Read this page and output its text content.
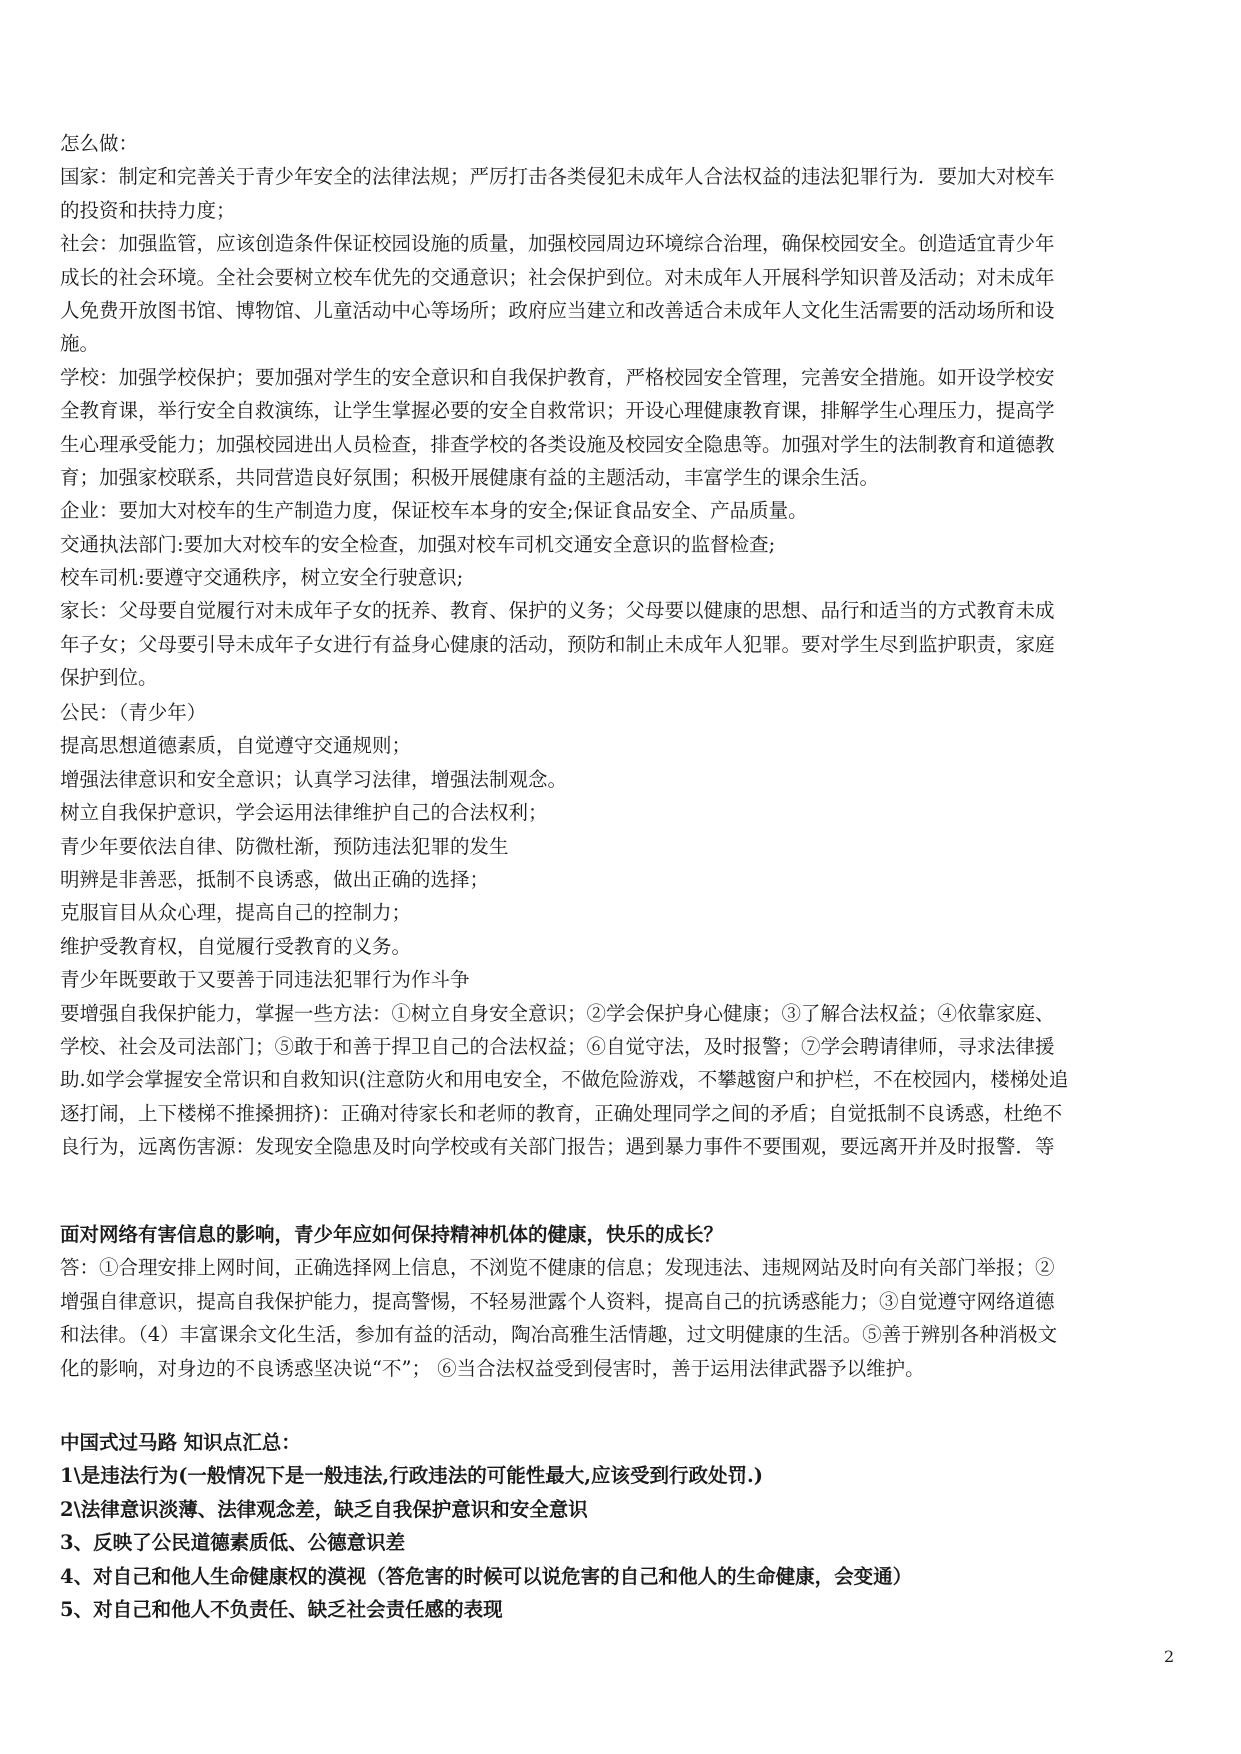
怎么做：
国家：制定和完善关于青少年安全的法律法规；严厉打击各类侵犯未成年人合法权益的违法犯罪行为．要加大对校车
的投资和扶持力度；
社会：加强监管，应该创造条件保证校园设施的质量，加强校园周边环境综合治理，确保校园安全。创造适宜青少年
成长的社会环境。全社会要树立校车优先的交通意识；社会保护到位。对未成年人开展科学知识普及活动；对未成年
人免费开放图书馆、博物馆、儿童活动中心等场所；政府应当建立和改善适合未成年人文化生活需要的活动场所和设
施。
学校：加强学校保护；要加强对学生的安全意识和自我保护教育，严格校园安全管理，完善安全措施。如开设学校安
全教育课，举行安全自救演练，让学生掌握必要的安全自救常识；开设心理健康教育课，排解学生心理压力，提高学
生心理承受能力；加强校园进出人员检查，排查学校的各类设施及校园安全隐患等。加强对学生的法制教育和道德教
育；加强家校联系，共同营造良好氛围；积极开展健康有益的主题活动，丰富学生的课余生活。
企业：要加大对校车的生产制造力度，保证校车本身的安全;保证食品安全、产品质量。
交通执法部门:要加大对校车的安全检查，加强对校车司机交通安全意识的监督检查;
校车司机:要遵守交通秩序，树立安全行驶意识;
家长：父母要自觉履行对未成年子女的抚养、教育、保护的义务；父母要以健康的思想、品行和适当的方式教育未成
年子女；父母要引导未成年子女进行有益身心健康的活动，预防和制止未成年人犯罪。要对学生尽到监护职责，家庭
保护到位。
公民：（青少年）
提高思想道德素质，自觉遵守交通规则；
增强法律意识和安全意识；认真学习法律，增强法制观念。
树立自我保护意识，学会运用法律维护自己的合法权利；
青少年要依法自律、防微杜渐，预防违法犯罪的发生
明辨是非善恶，抵制不良诱惑，做出正确的选择；
克服盲目从众心理，提高自己的控制力；
维护受教育权，自觉履行受教育的义务。
青少年既要敢于又要善于同违法犯罪行为作斗争
要增强自我保护能力，掌握一些方法：①树立自身安全意识；②学会保护身心健康；③了解合法权益；④依靠家庭、
学校、社会及司法部门；⑤敢于和善于捍卫自己的合法权益；⑥自觉守法，及时报警；⑦学会聘请律师，寻求法律援
助.如学会掌握安全常识和自救知识(注意防火和用电安全，不做危险游戏，不攀越窗户和护栏，不在校园内，楼梯处追
逐打闹，上下楼梯不推搡拥挤)：正确对待家长和老师的教育，正确处理同学之间的矛盾；自觉抵制不良诱惑，杜绝不
良行为，远离伤害源：发现安全隐患及时向学校或有关部门报告；遇到暴力事件不要围观，要远离开并及时报警．等
面对网络有害信息的影响，青少年应如何保持精神机体的健康，快乐的成长？
答：①合理安排上网时间，正确选择网上信息，不浏览不健康的信息；发现违法、违规网站及时向有关部门举报；②
增强自律意识，提高自我保护能力，提高警惕，不轻易泄露个人资料，提高自己的抗诱惑能力；③自觉遵守网络道德
和法律。（4）丰富课余文化生活，参加有益的活动，陶冶高雅生活情趣，过文明健康的生活。⑤善于辨别各种消极文
化的影响，对身边的不良诱惑坚决说“不”； ⑥当合法权益受到侵害时，善于运用法律武器予以维护。
中国式过马路 知识点汇总：
1\是违法行为(一般情况下是一般违法,行政违法的可能性最大,应该受到行政处罚.)
2\法律意识淡薄、法律观念差，缺乏自我保护意识和安全意识
3、反映了公民道德素质低、公德意识差
4、对自己和他人生命健康权的漠视（答危害的时候可以说危害的自己和他人的生命健康，会变通）
5、对自己和他人不负责任、缺乏社会责任感的表现
2
